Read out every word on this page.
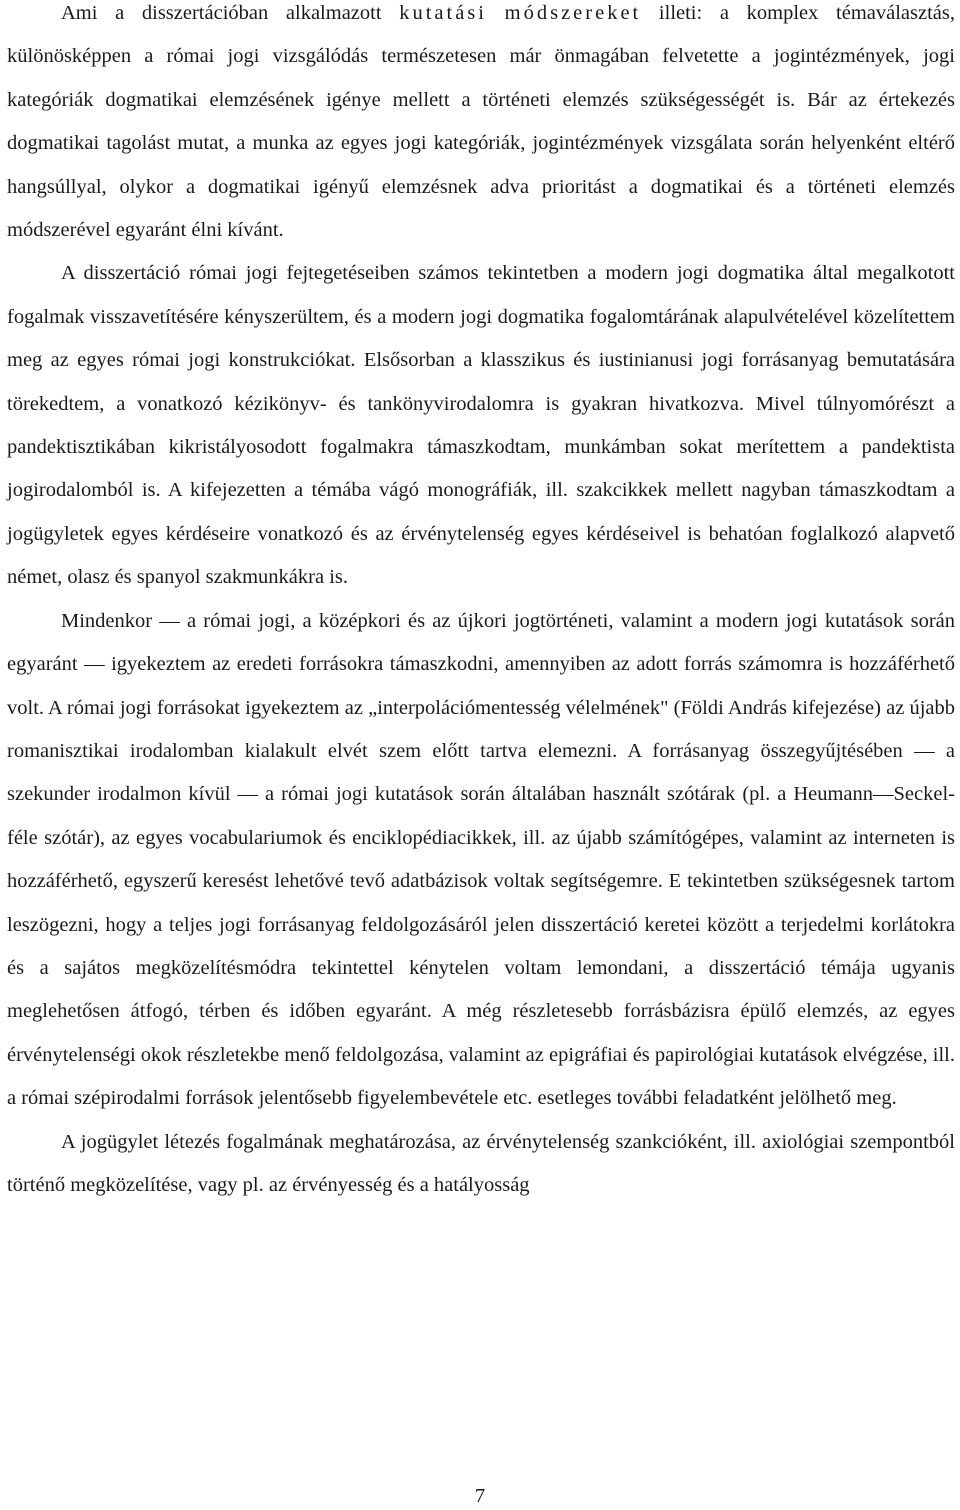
Ami a disszertációban alkalmazott kutatási módszereket illeti: a komplex témaválasztás, különösképpen a római jogi vizsgálódás természetesen már önmagában felvetette a jogintézmények, jogi kategóriák dogmatikai elemzésének igénye mellett a történeti elemzés szükségességét is. Bár az értekezés dogmatikai tagolást mutat, a munka az egyes jogi kategóriák, jogintézmények vizsgálata során helyenként eltérő hangsúllyal, olykor a dogmatikai igényű elemzésnek adva prioritást a dogmatikai és a történeti elemzés módszerével egyaránt élni kívánt.

A disszertáció római jogi fejtegetéseiben számos tekintetben a modern jogi dogmatika által megalkotott fogalmak visszavetítésére kényszerültem, és a modern jogi dogmatika fogalomtárának alapulvételével közelítettem meg az egyes római jogi konstrukciókat. Elsősorban a klasszikus és iustinianusi jogi forrásanyag bemutatására törekedtem, a vonatkozó kézikönyv- és tankönyvirodalomra is gyakran hivatkozva. Mivel túlnyomórészt a pandektisztikában kikristályosodott fogalmakra támaszkodtam, munkámban sokat merítettem a pandektista jogirodalomból is. A kifejezetten a témába vágó monográfiák, ill. szakcikkek mellett nagyban támaszkodtam a jogügyletek egyes kérdéseire vonatkozó és az érvénytelenség egyes kérdéseivel is behatóan foglalkozó alapvető német, olasz és spanyol szakmunkákra is.

Mindenkor — a római jogi, a középkori és az újkori jogtörténeti, valamint a modern jogi kutatások során egyaránt — igyekeztem az eredeti forrásokra támaszkodni, amennyiben az adott forrás számomra is hozzáférhető volt. A római jogi forrásokat igyekeztem az „interpolációmentesség vélelmének" (Földi András kifejezése) az újabb romanisztikai irodalomban kialakult elvét szem előtt tartva elemezni. A forrásanyag összegyűjtésében — a szekunder irodalmon kívül — a római jogi kutatások során általában használt szótárak (pl. a Heumann—Seckel-féle szótár), az egyes vocabulariumok és enciklopédiacikkek, ill. az újabb számítógépes, valamint az interneten is hozzáférhető, egyszerű keresést lehetővé tevő adatbázisok voltak segítségemre. E tekintetben szükségesnek tartom leszögezni, hogy a teljes jogi forrásanyag feldolgozásáról jelen disszertáció keretei között a terjedelmi korlátokra és a sajátos megközelítésmódra tekintettel kénytelen voltam lemondani, a disszertáció témája ugyanis meglehetősen átfogó, térben és időben egyaránt. A még részletesebb forrásbázisra épülő elemzés, az egyes érvénytelenségi okok részletekbe menő feldolgozása, valamint az epigráfiai és papirológiai kutatások elvégzése, ill. a római szépirodalmi források jelentősebb figyelembevétele etc. esetleges további feladatként jelölhető meg.

A jogügylet létezés fogalmának meghatározása, az érvénytelenség szankcióként, ill. axiológiai szempontból történő megközelítése, vagy pl. az érvényesség és a hatályosság

7
